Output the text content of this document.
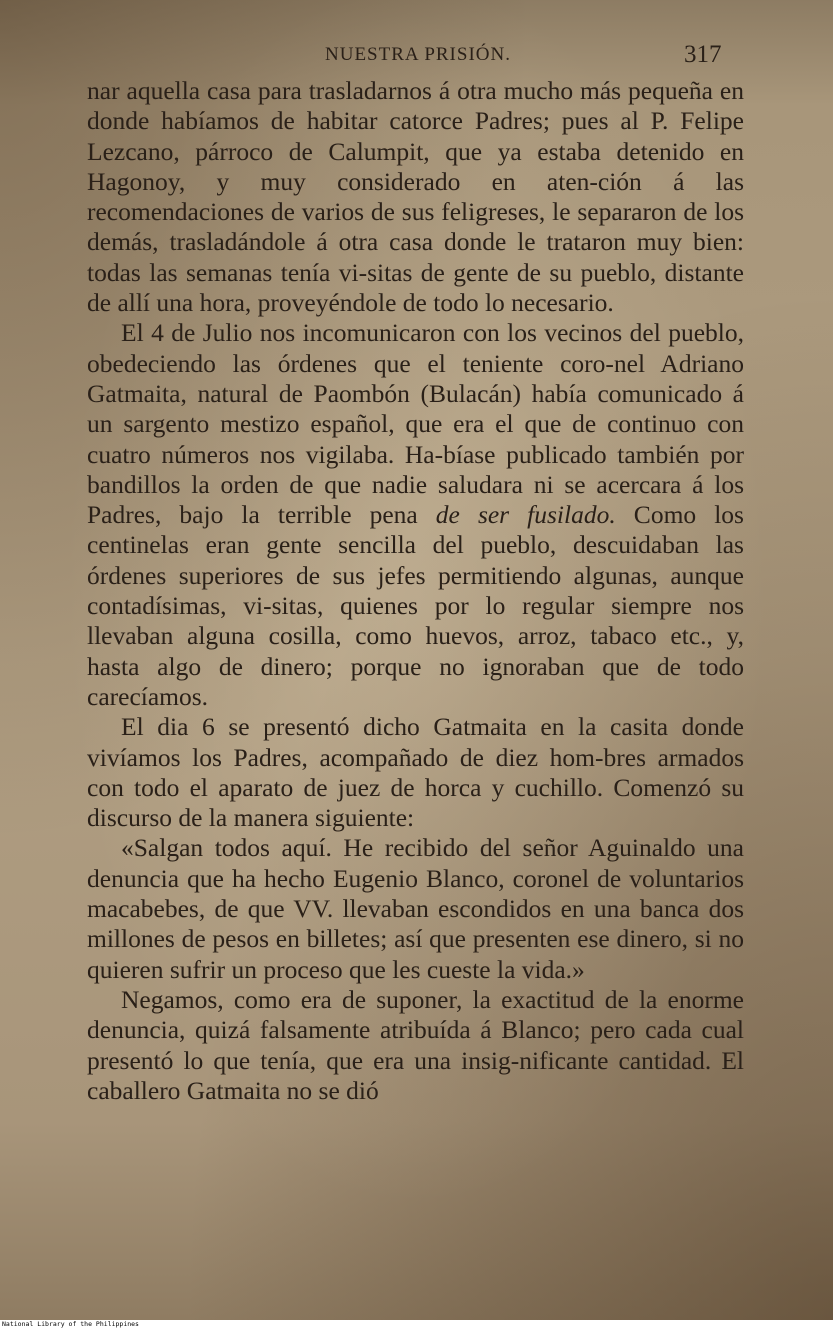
NUESTRA PRISIÓN.	317

nar aquella casa para trasladarnos á otra mucho más pequeña en donde habíamos de habitar catorce Padres; pues al P. Felipe Lezcano, párroco de Calumpit, que ya estaba detenido en Hagonoy, y muy considerado en aten-ción á las recomendaciones de varios de sus feligreses, le separaron de los demás, trasladándole á otra casa donde le trataron muy bien: todas las semanas tenía vi-sitas de gente de su pueblo, distante de allí una hora, proveyéndole de todo lo necesario.

El 4 de Julio nos incomunicaron con los vecinos del pueblo, obedeciendo las órdenes que el teniente coro-nel Adriano Gatmaita, natural de Paombón (Bulacán) había comunicado á un sargento mestizo español, que era el que de continuo con cuatro números nos vigilaba. Ha-bíase publicado también por bandillos la orden de que nadie saludara ni se acercara á los Padres, bajo la terrible pena de ser fusilado. Como los centinelas eran gente sencilla del pueblo, descuidaban las órdenes superiores de sus jefes permitiendo algunas, aunque contadísimas, vi-sitas, quienes por lo regular siempre nos llevaban alguna cosilla, como huevos, arroz, tabaco etc., y, hasta algo de dinero; porque no ignoraban que de todo carecíamos.

El dia 6 se presentó dicho Gatmaita en la casita donde vivíamos los Padres, acompañado de diez hom-bres armados con todo el aparato de juez de horca y cuchillo. Comenzó su discurso de la manera siguiente:

«Salgan todos aquí. He recibido del señor Aguinaldo una denuncia que ha hecho Eugenio Blanco, coronel de voluntarios macabebes, de que VV. llevaban escondidos en una banca dos millones de pesos en billetes; así que presenten ese dinero, si no quieren sufrir un proceso que les cueste la vida.»

Negamos, como era de suponer, la exactitud de la enorme denuncia, quizá falsamente atribuída á Blanco; pero cada cual presentó lo que tenía, que era una insig-nificante cantidad. El caballero Gatmaita no se dió

National Library of the Philippines
